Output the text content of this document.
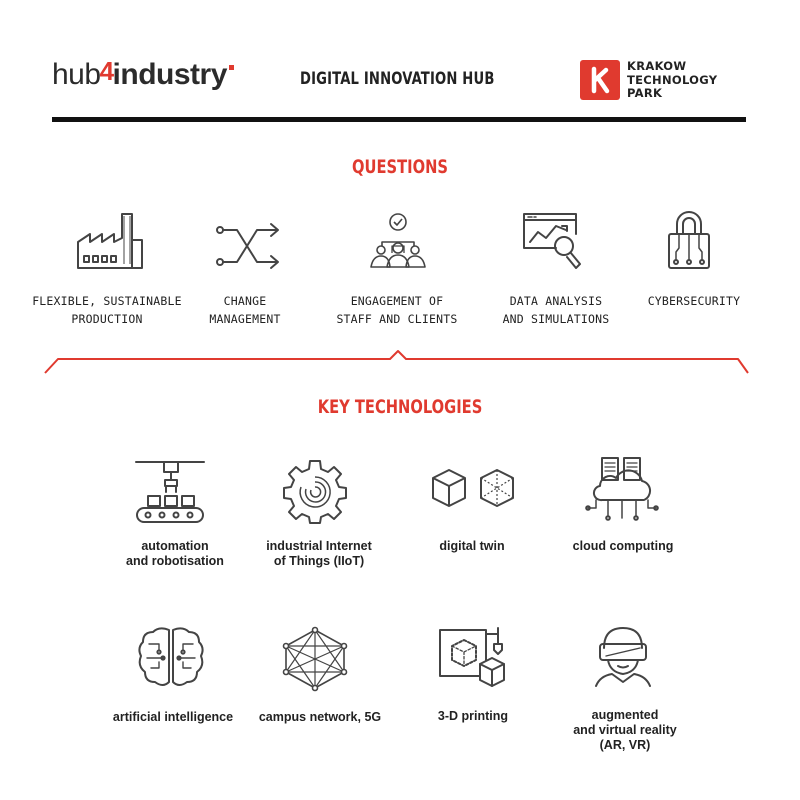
hub4industry	DIGITAL INNOVATION HUB
KRAKOW
TECHNOLOGY
PARK
QUESTIONS
FLEXIBLE, SUSTAINABLE
PRODUCTION
CHANGE
MANAGEMENT
ENGAGEMENT OF
STAFF AND CLIENTS
DATA ANALYSIS
AND SIMULATIONS
CYBERSECURITY
KEY TECHNOLOGIES
automation
and robotisation
industrial Internet
of Things (IIoT)
digital twin	cloud computing
artificial intelligence	campus network, 5G	3-D printing	augmented
and virtual reality
(AR, VR)
